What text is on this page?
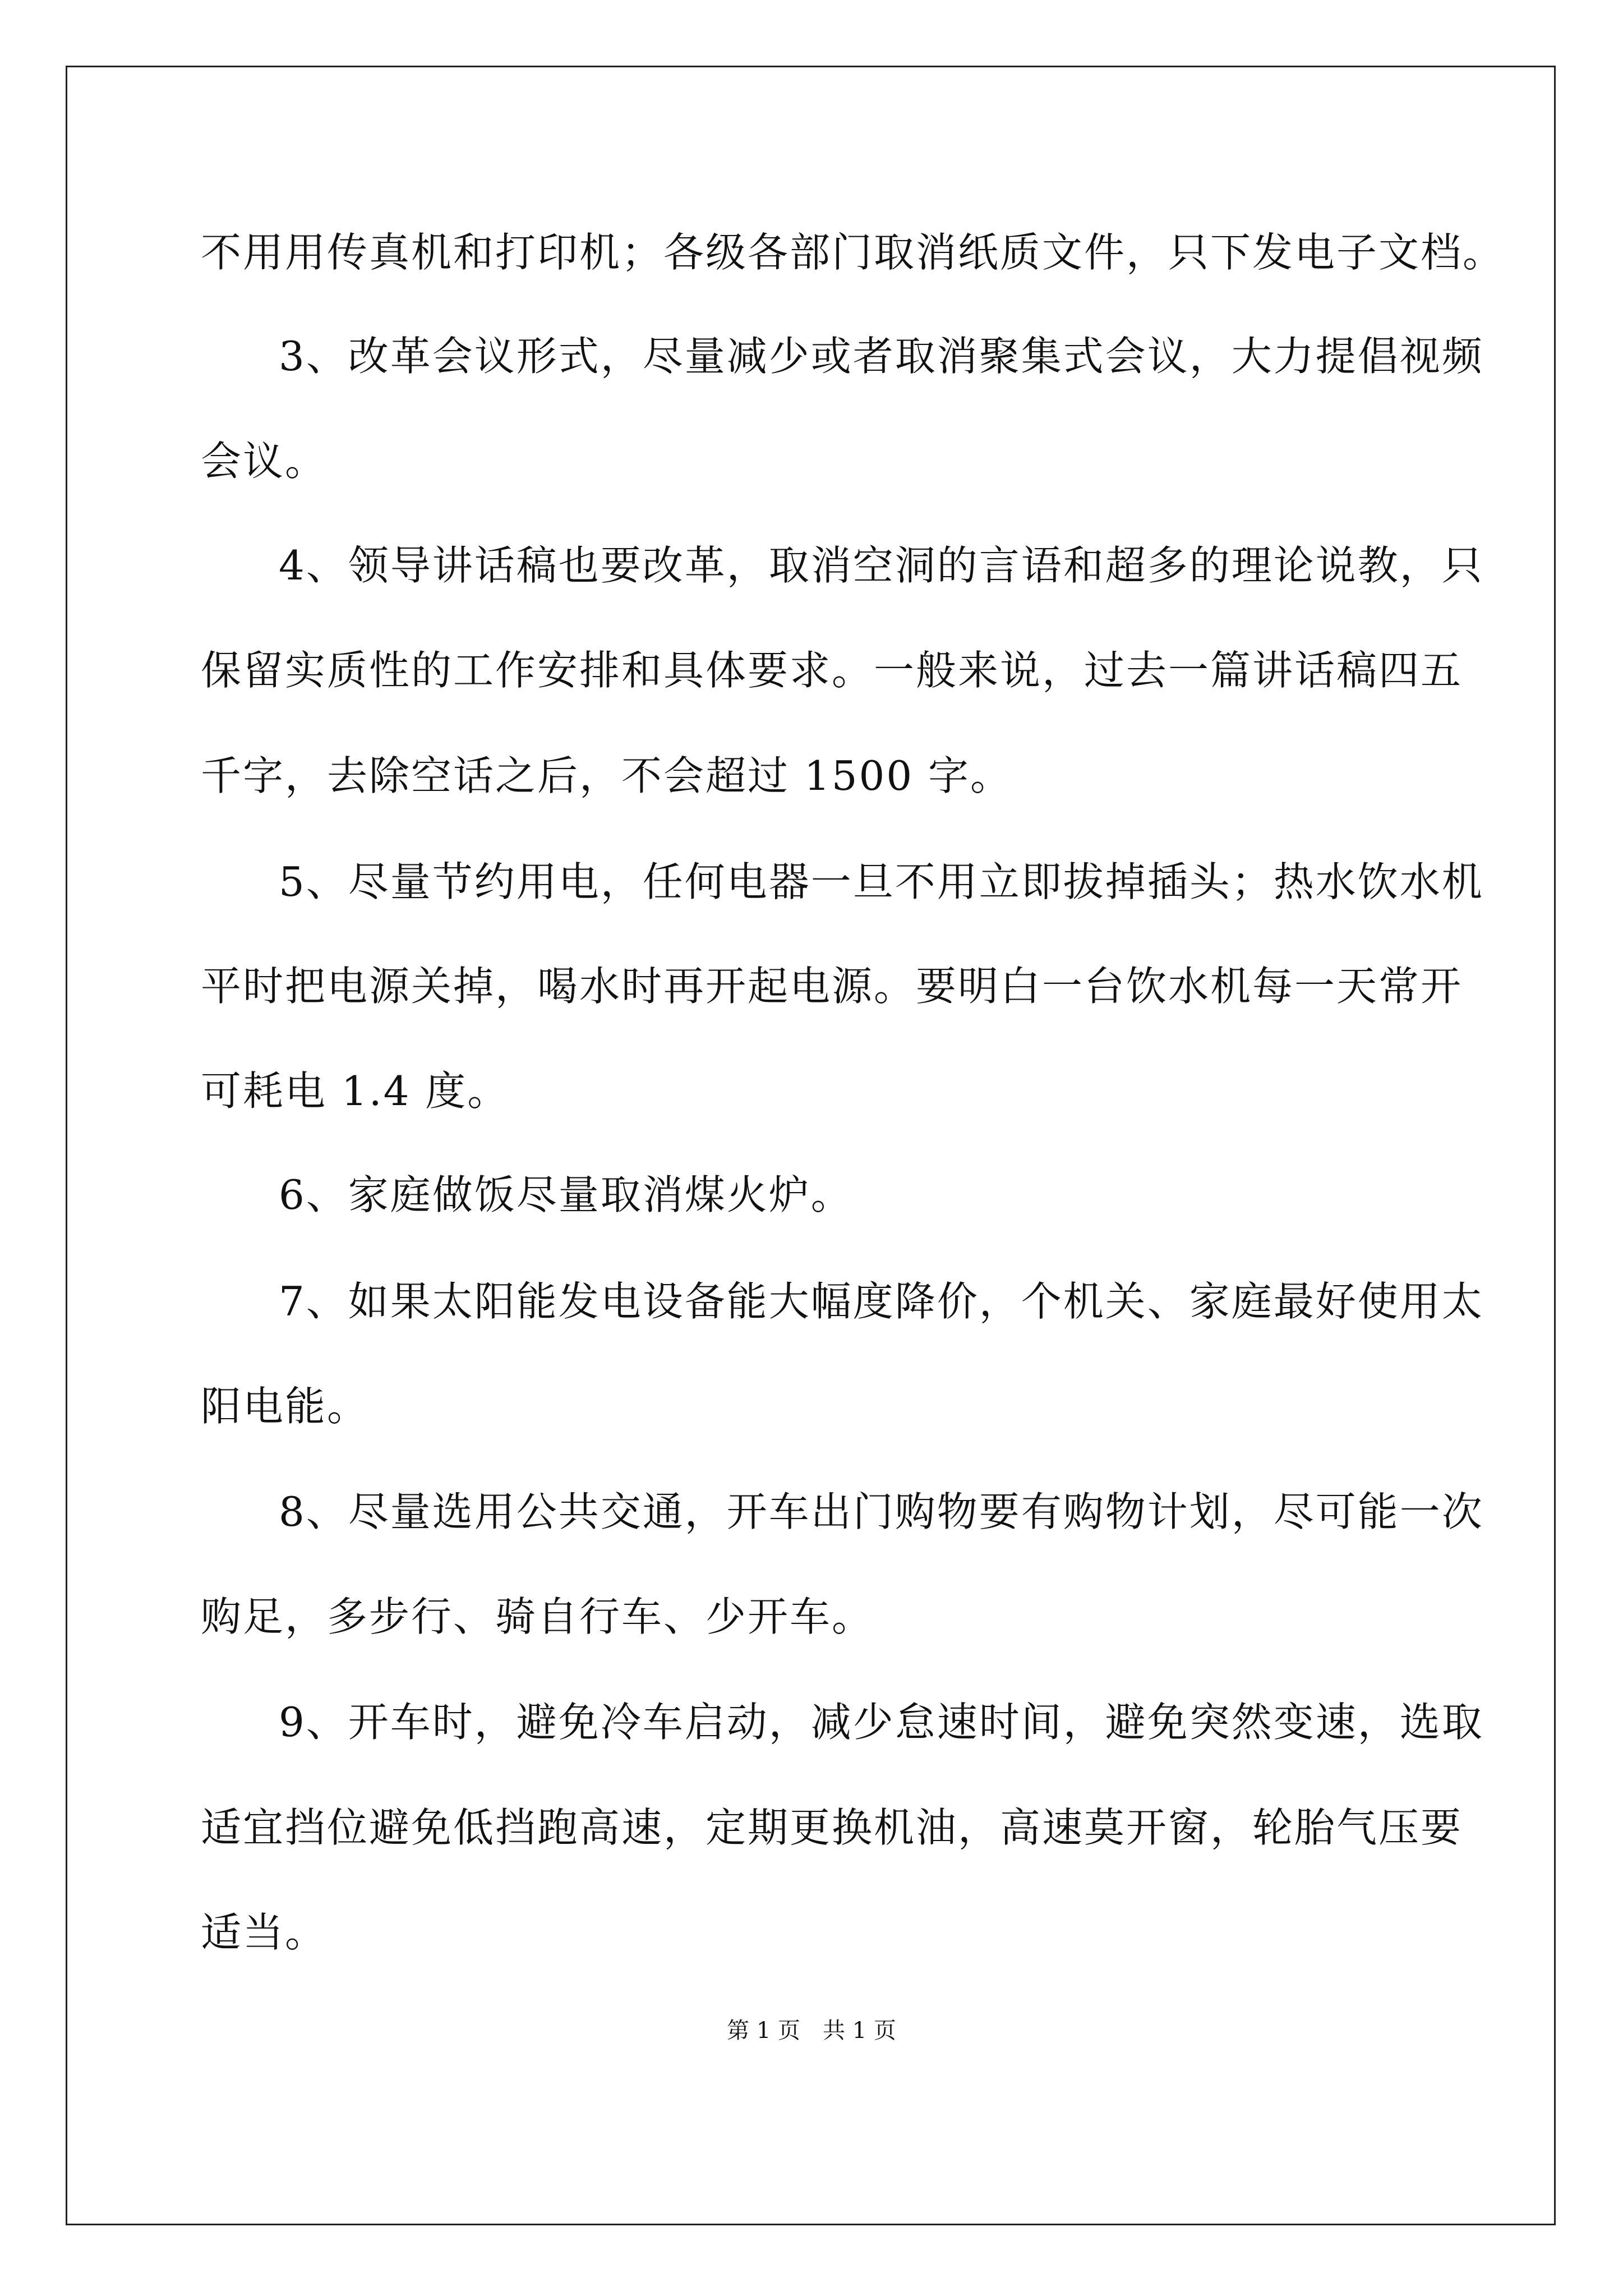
不用用传真机和打印机；各级各部门取消纸质文件，只下发电子文档。
3、改革会议形式，尽量减少或者取消聚集式会议，大力提倡视频
会议。
4、领导讲话稿也要改革，取消空洞的言语和超多的理论说教，只
保留实质性的工作安排和具体要求。一般来说，过去一篇讲话稿四五
千字，去除空话之后，不会超过 1500 字。
5、尽量节约用电，任何电器一旦不用立即拔掉插头；热水饮水机
平时把电源关掉，喝水时再开起电源。要明白一台饮水机每一天常开
可耗电 1.4 度。
6、家庭做饭尽量取消煤火炉。
7、如果太阳能发电设备能大幅度降价，个机关、家庭最好使用太
阳电能。
8、尽量选用公共交通，开车出门购物要有购物计划，尽可能一次
购足，多步行、骑自行车、少开车。
9、开车时，避免冷车启动，减少怠速时间，避免突然变速，选取
适宜挡位避免低挡跑高速，定期更换机油，高速莫开窗，轮胎气压要
适当。
第 1 页 共 1 页
